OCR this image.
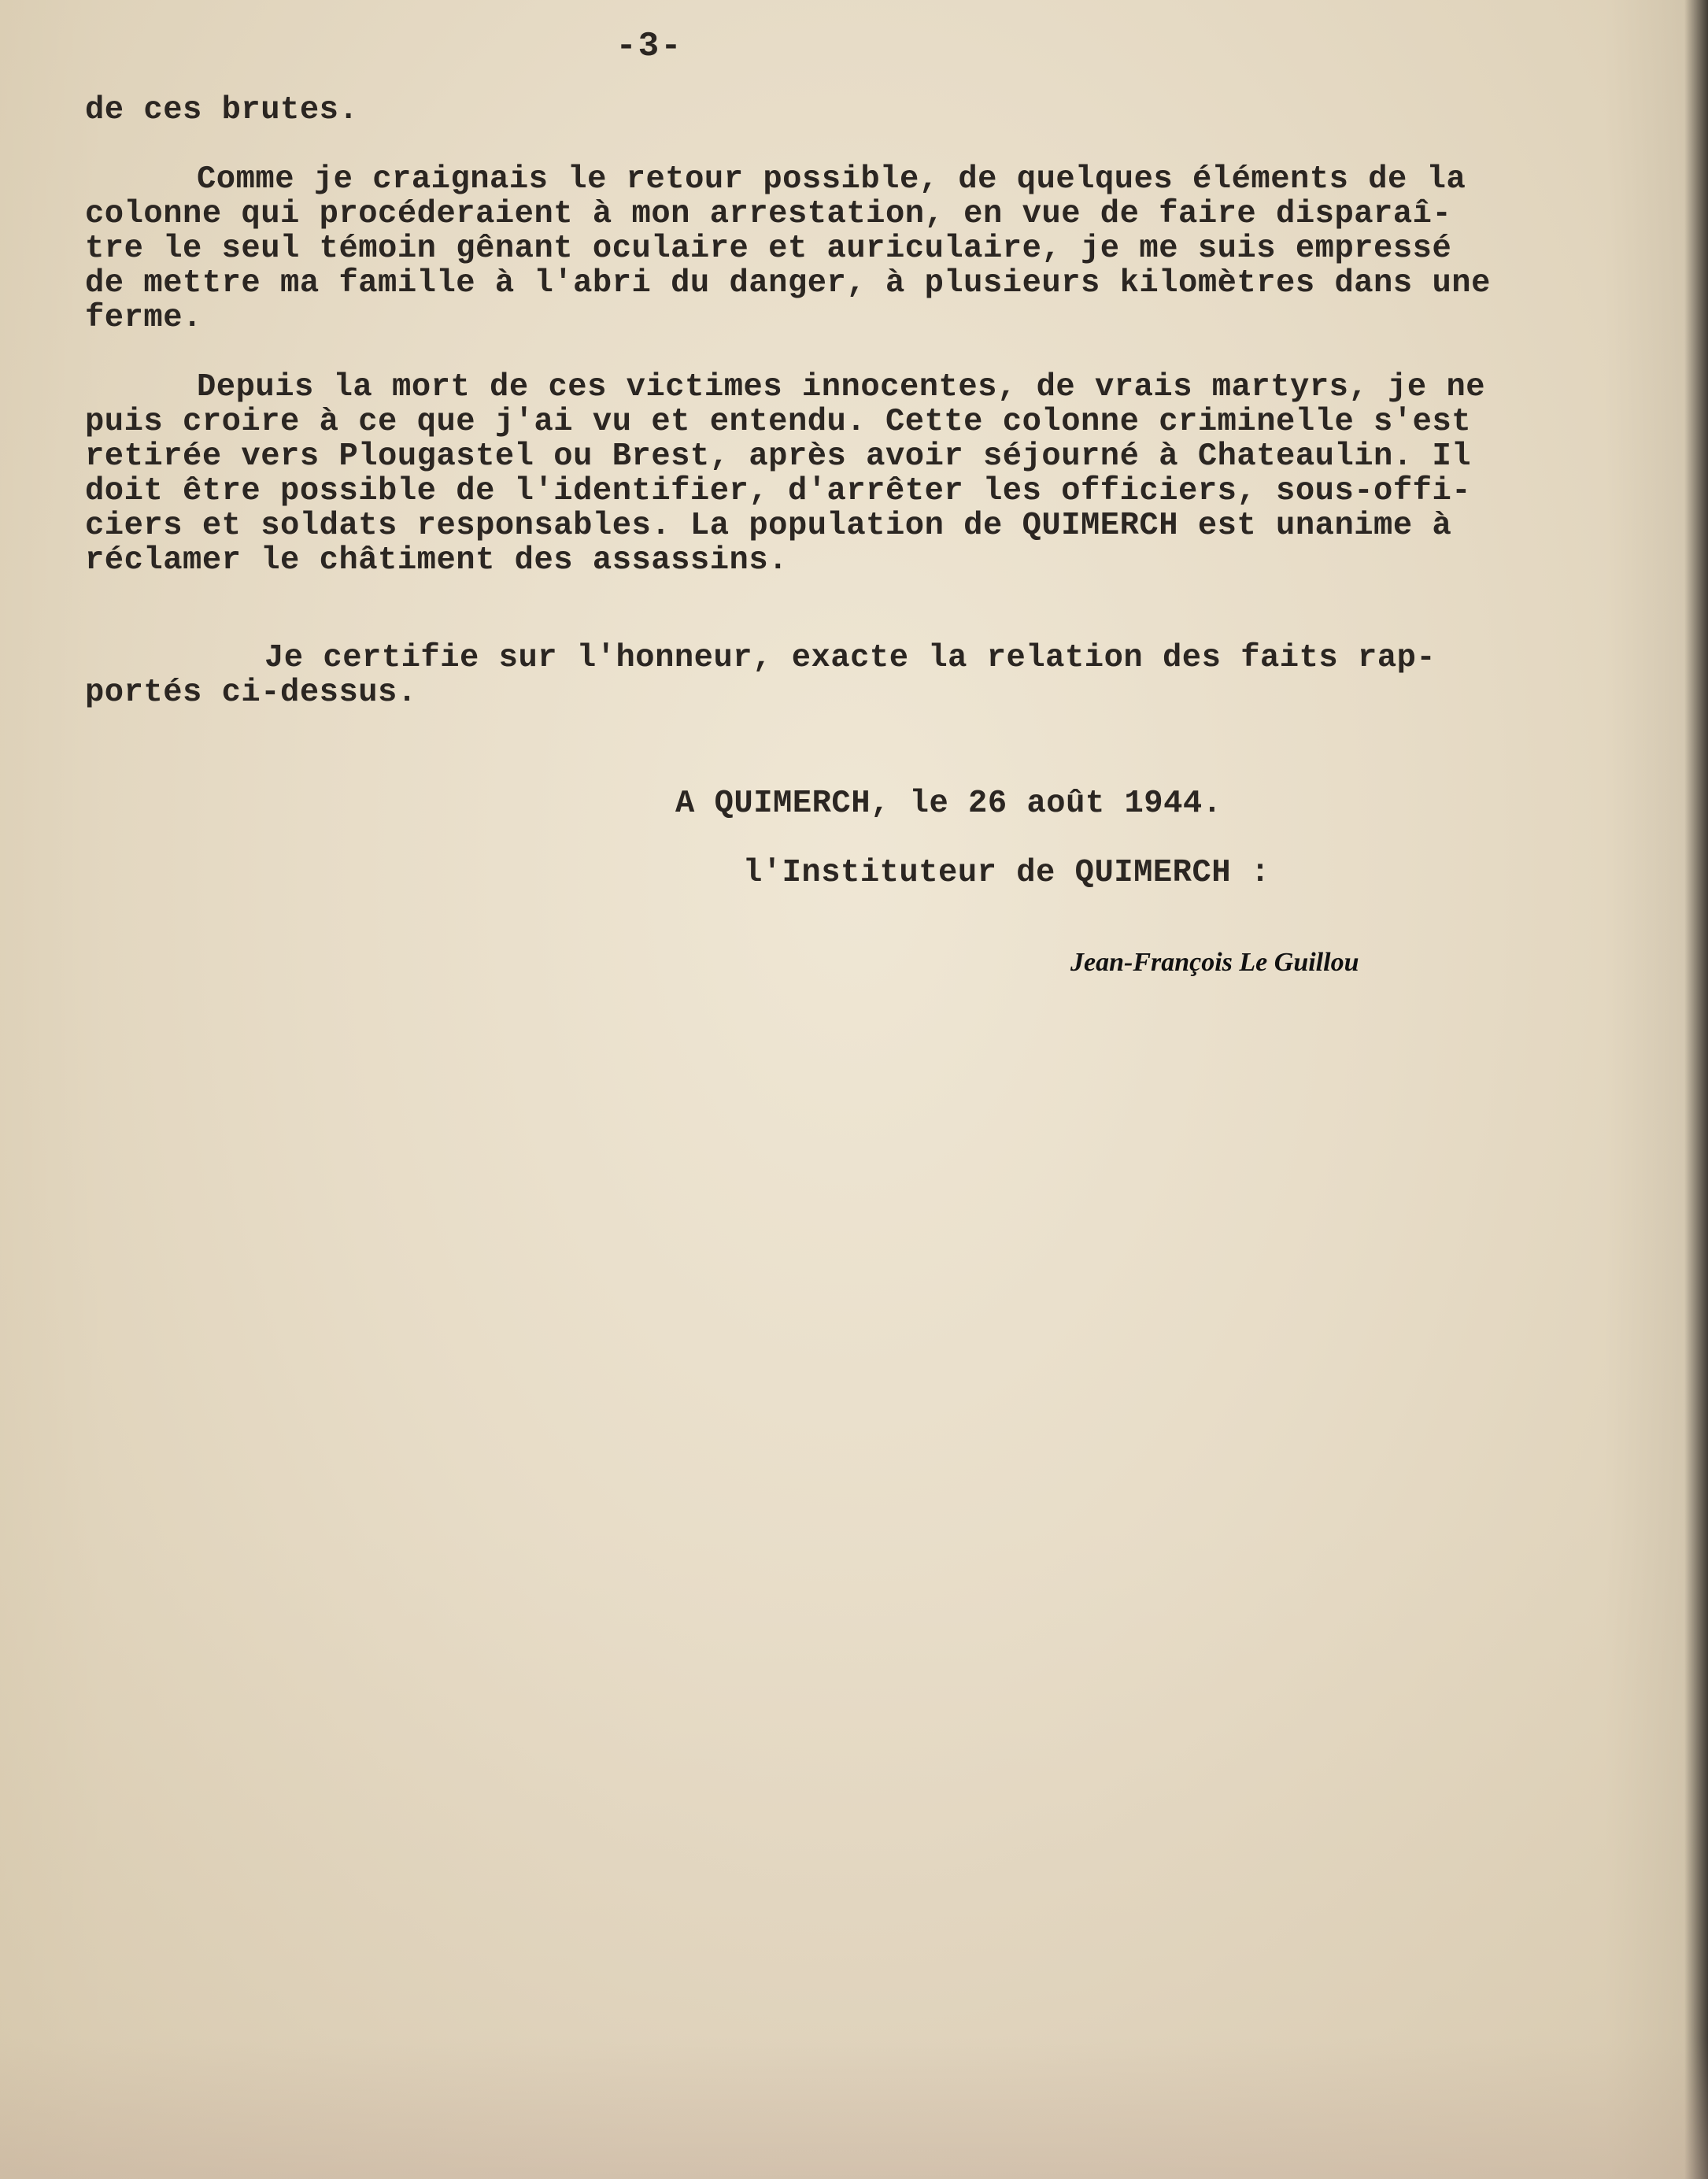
-3-
de ces brutes.
Comme je craignais le retour possible, de quelques éléments de la
colonne qui procéderaient à mon arrestation, en vue de faire disparaî-
tre le seul témoin gênant oculaire et auriculaire, je me suis empressé
de mettre ma famille à l'abri du danger, à plusieurs kilomètres dans une
ferme.
Depuis la mort de ces victimes innocentes, de vrais martyrs, je ne
puis croire à ce que j'ai vu et entendu. Cette colonne criminelle s'est
retirée vers Plougastel ou Brest, après avoir séjourné à Chateaulin. Il
doit être possible de l'identifier, d'arrêter les officiers, sous-offi-
ciers et soldats responsables. La population de QUIMERCH est unanime à
réclamer le châtiment des assassins.
Je certifie sur l'honneur, exacte la relation des faits rap-
portés ci-dessus.
A QUIMERCH, le 26 août 1944.
l'Instituteur de QUIMERCH :
Jean-François Le Guillou
